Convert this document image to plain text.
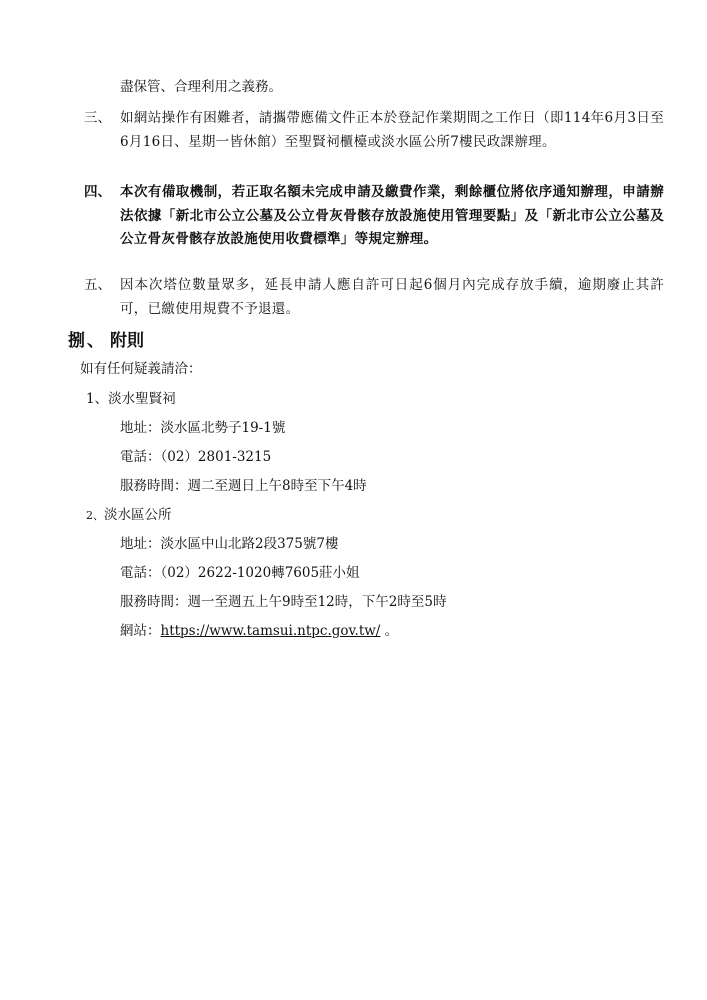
盡保管、合理利用之義務。
三、 如網站操作有困難者，請攜帶應備文件正本於登記作業期間之工作日（即114年6月3日至6月16日、星期一皆休館）至聖賢祠櫃檯或淡水區公所7樓民政課辦理。
四、 本次有備取機制，若正取名額未完成申請及繳費作業，剩餘櫃位將依序通知辦理，申請辦法依據「新北市公立公墓及公立骨灰骨骸存放設施使用管理要點」及「新北市公立公墓及公立骨灰骨骸存放設施使用收費標準」等規定辦理。
五、 因本次塔位數量眾多，延長申請人應自許可日起6個月內完成存放手續，逾期廢止其許可，已繳使用規費不予退還。
捌 、 附則
如有任何疑義請洽：
1、淡水聖賢祠
地址：淡水區北勢子19-1號
電話：（02）2801-3215
服務時間：週二至週日上午8時至下午4時
2、淡水區公所
地址：淡水區中山北路2段375號7樓
電話：（02）2622-1020轉7605莊小姐
服務時間：週一至週五上午9時至12時，下午2時至5時
網站：https://www.tamsui.ntpc.gov.tw/ 。
